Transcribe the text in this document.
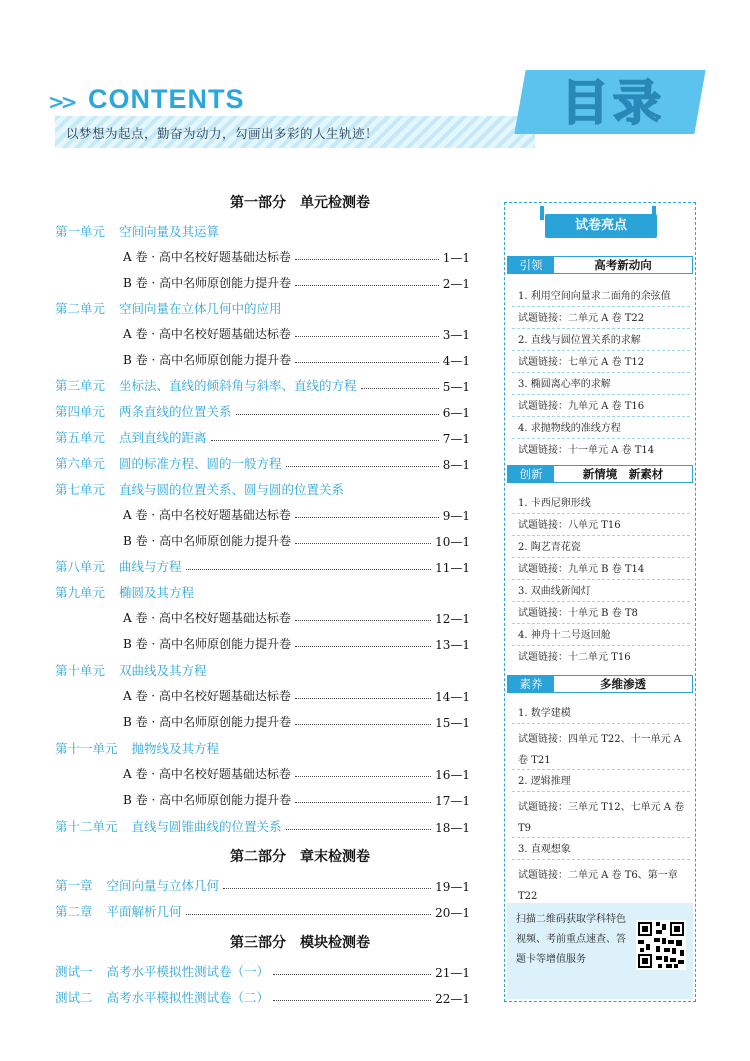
>> CONTENTS
以梦想为起点，勤奋为动力，勾画出多彩的人生轨迹！
目录
第一部分　单元检测卷
第一单元 空间向量及其运算
A 卷 · 高中名校好题基础达标卷	1—1
B 卷 · 高中名师原创能力提升卷	2—1
第二单元 空间向量在立体几何中的应用
A 卷 · 高中名校好题基础达标卷	3—1
B 卷 · 高中名师原创能力提升卷	4—1
第三单元 坐标法、直线的倾斜角与斜率、直线的方程	5—1
第四单元 两条直线的位置关系	6—1
第五单元 点到直线的距离	7—1
第六单元 圆的标准方程、圆的一般方程	8—1
第七单元 直线与圆的位置关系、圆与圆的位置关系
A 卷 · 高中名校好题基础达标卷	9—1
B 卷 · 高中名师原创能力提升卷	10—1
第八单元 曲线与方程	11—1
第九单元 椭圆及其方程
A 卷 · 高中名校好题基础达标卷	12—1
B 卷 · 高中名师原创能力提升卷	13—1
第十单元 双曲线及其方程
A 卷 · 高中名校好题基础达标卷	14—1
B 卷 · 高中名师原创能力提升卷	15—1
第十一单元 抛物线及其方程
A 卷 · 高中名校好题基础达标卷	16—1
B 卷 · 高中名师原创能力提升卷	17—1
第十二单元 直线与圆锥曲线的位置关系	18—1
第二部分　章末检测卷
第一章 空间向量与立体几何	19—1
第二章 平面解析几何	20—1
第三部分　模块检测卷
测试一 高考水平模拟性测试卷（一）	21—1
测试二 高考水平模拟性测试卷（二）	22—1
试卷亮点
引领	高考新动向
1. 利用空间向量求二面角的余弦值
试题链接：二单元 A 卷 T22
2. 直线与圆位置关系的求解
试题链接：七单元 A 卷 T12
3. 椭圆离心率的求解
试题链接：九单元 A 卷 T16
4. 求抛物线的准线方程
试题链接：十一单元 A 卷 T14
创新	新情境　新素材
1. 卡西尼卵形线
试题链接：八单元 T16
2. 陶艺青花瓷
试题链接：九单元 B 卷 T14
3. 双曲线新闻灯
试题链接：十单元 B 卷 T8
4. 神舟十二号返回舱
试题链接：十二单元 T16
素养	多维渗透
1. 数学建模
试题链接：四单元 T22、十一单元 A 卷 T21
2. 逻辑推理
试题链接：三单元 T12、七单元 A 卷 T9
3. 直观想象
试题链接：二单元 A 卷 T6、第一章 T22
扫描二维码获取学科特色视频、考前重点速查、答题卡等增值服务
